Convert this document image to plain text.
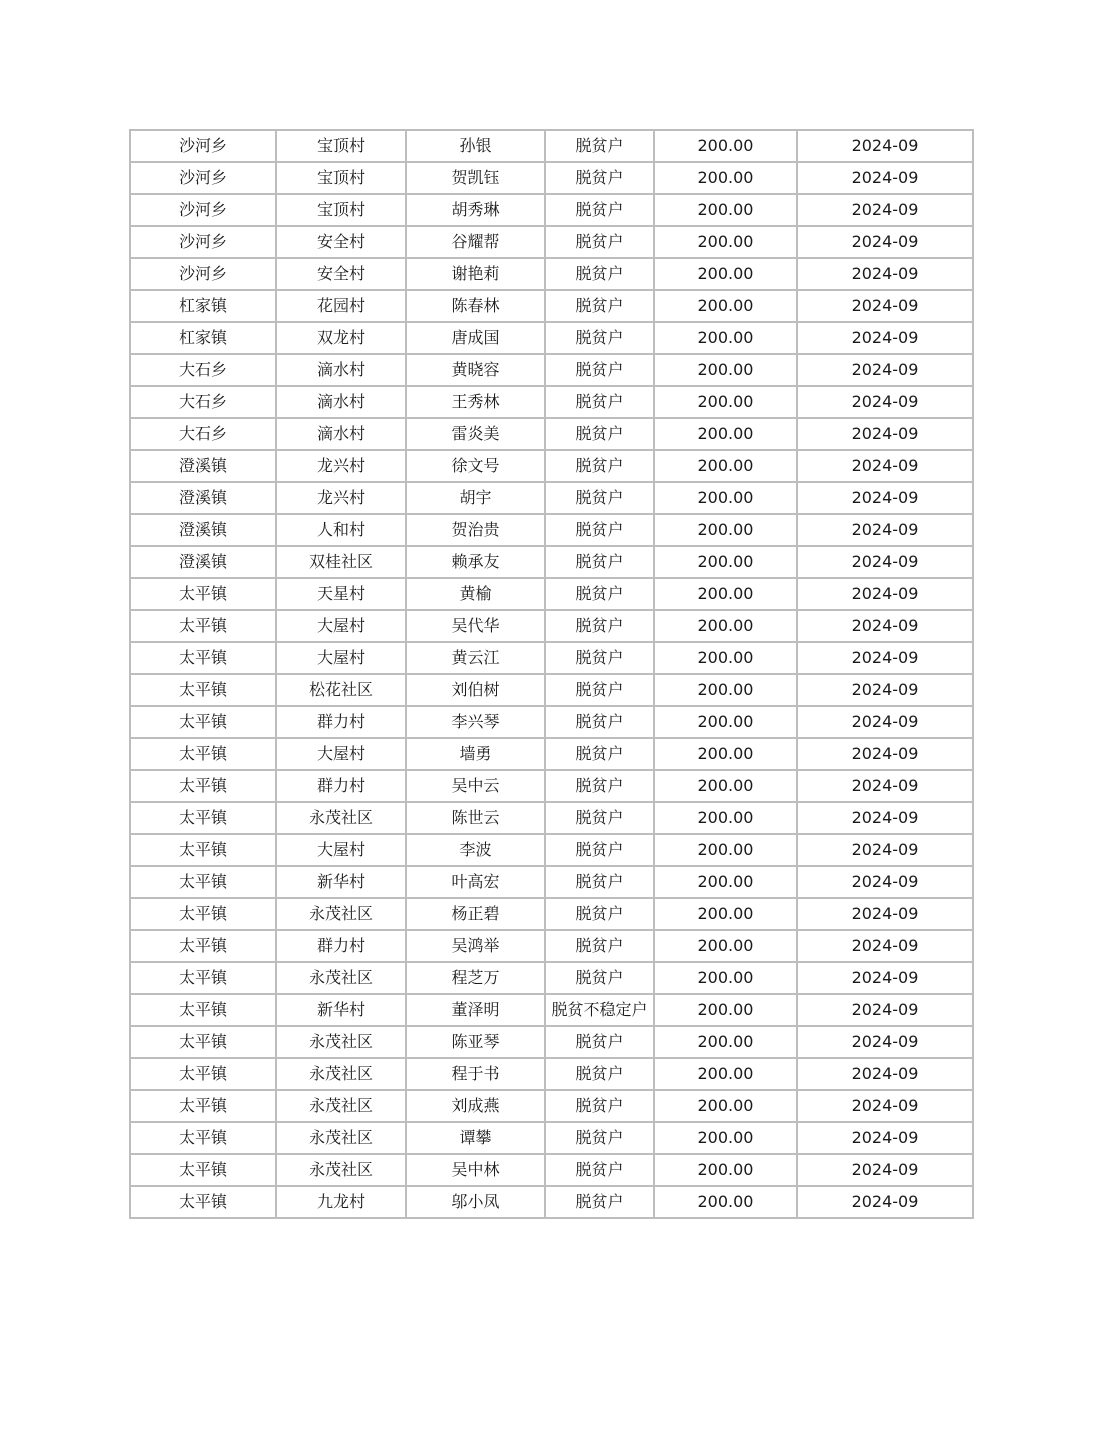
沙河乡	宝顶村	孙银	脱贫户	200.00	2024-09
沙河乡	宝顶村	贺凯钰	脱贫户	200.00	2024-09
沙河乡	宝顶村	胡秀琳	脱贫户	200.00	2024-09
沙河乡	安全村	谷耀帮	脱贫户	200.00	2024-09
沙河乡	安全村	谢艳莉	脱贫户	200.00	2024-09
杠家镇	花园村	陈春林	脱贫户	200.00	2024-09
杠家镇	双龙村	唐成国	脱贫户	200.00	2024-09
大石乡	滴水村	黄晓容	脱贫户	200.00	2024-09
大石乡	滴水村	王秀林	脱贫户	200.00	2024-09
大石乡	滴水村	雷炎美	脱贫户	200.00	2024-09
澄溪镇	龙兴村	徐文号	脱贫户	200.00	2024-09
澄溪镇	龙兴村	胡宇	脱贫户	200.00	2024-09
澄溪镇	人和村	贺治贵	脱贫户	200.00	2024-09
澄溪镇	双桂社区	赖承友	脱贫户	200.00	2024-09
太平镇	天星村	黄榆	脱贫户	200.00	2024-09
太平镇	大屋村	吴代华	脱贫户	200.00	2024-09
太平镇	大屋村	黄云江	脱贫户	200.00	2024-09
太平镇	松花社区	刘伯树	脱贫户	200.00	2024-09
太平镇	群力村	李兴琴	脱贫户	200.00	2024-09
太平镇	大屋村	墙勇	脱贫户	200.00	2024-09
太平镇	群力村	吴中云	脱贫户	200.00	2024-09
太平镇	永茂社区	陈世云	脱贫户	200.00	2024-09
太平镇	大屋村	李波	脱贫户	200.00	2024-09
太平镇	新华村	叶高宏	脱贫户	200.00	2024-09
太平镇	永茂社区	杨正碧	脱贫户	200.00	2024-09
太平镇	群力村	吴鸿举	脱贫户	200.00	2024-09
太平镇	永茂社区	程芝万	脱贫户	200.00	2024-09
太平镇	新华村	董泽明	脱贫不稳定户	200.00	2024-09
太平镇	永茂社区	陈亚琴	脱贫户	200.00	2024-09
太平镇	永茂社区	程于书	脱贫户	200.00	2024-09
太平镇	永茂社区	刘成燕	脱贫户	200.00	2024-09
太平镇	永茂社区	谭攀	脱贫户	200.00	2024-09
太平镇	永茂社区	吴中林	脱贫户	200.00	2024-09
太平镇	九龙村	邬小凤	脱贫户	200.00	2024-09
